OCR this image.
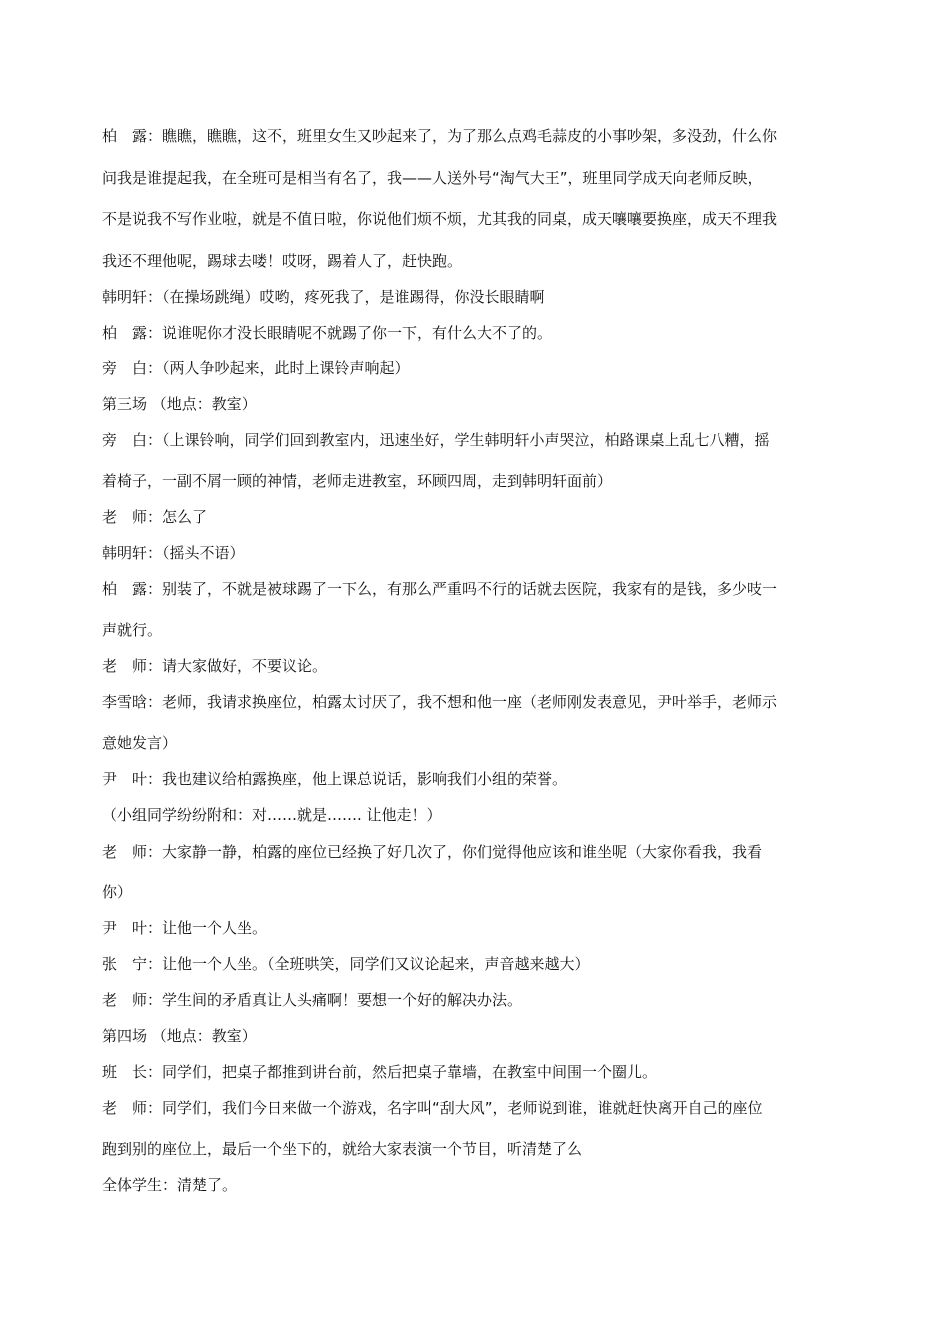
柏露：瞧瞧，瞧瞧，这不，班里女生又吵起来了，为了那么点鸡毛蒜皮的小事吵架，多没劲，什么你
问我是谁提起我，在全班可是相当有名了，我——人送外号“淘气大王”，班里同学成天向老师反映，
不是说我不写作业啦，就是不值日啦，你说他们烦不烦，尤其我的同桌，成天嚷嚷要换座，成天不理我
我还不理他呢，踢球去喽！哎呀，踢着人了，赶快跑。
韩明轩：（在操场跳绳）哎哟，疼死我了，是谁踢得，你没长眼睛啊
柏露：说谁呢你才没长眼睛呢不就踢了你一下，有什么大不了的。
旁白：（两人争吵起来，此时上课铃声响起）
第三场 （地点：教室）
旁白：（上课铃响，同学们回到教室内，迅速坐好，学生韩明轩小声哭泣，柏路课桌上乱七八糟，摇
着椅子，一副不屑一顾的神情，老师走进教室，环顾四周，走到韩明轩面前）
老师：怎么了
韩明轩：（摇头不语）
柏露：别装了，不就是被球踢了一下么，有那么严重吗不行的话就去医院，我家有的是钱，多少吱一
声就行。
老师：请大家做好，不要议论。
李雪晗：老师，我请求换座位，柏露太讨厌了，我不想和他一座（老师刚发表意见，尹叶举手，老师示
意她发言）
尹叶：我也建议给柏露换座，他上课总说话，影响我们小组的荣誉。
（小组同学纷纷附和：对……就是……. 让他走！）
老师：大家静一静，柏露的座位已经换了好几次了，你们觉得他应该和谁坐呢（大家你看我，我看
你）
尹叶：让他一个人坐。
张宁：让他一个人坐。（全班哄笑，同学们又议论起来，声音越来越大）
老师：学生间的矛盾真让人头痛啊！要想一个好的解决办法。
第四场 （地点：教室）
班长：同学们，把桌子都推到讲台前，然后把桌子靠墙，在教室中间围一个圈儿。
老师：同学们，我们今日来做一个游戏，名字叫“刮大风”，老师说到谁，谁就赶快离开自己的座位
跑到别的座位上，最后一个坐下的，就给大家表演一个节目，听清楚了么
全体学生：清楚了。
